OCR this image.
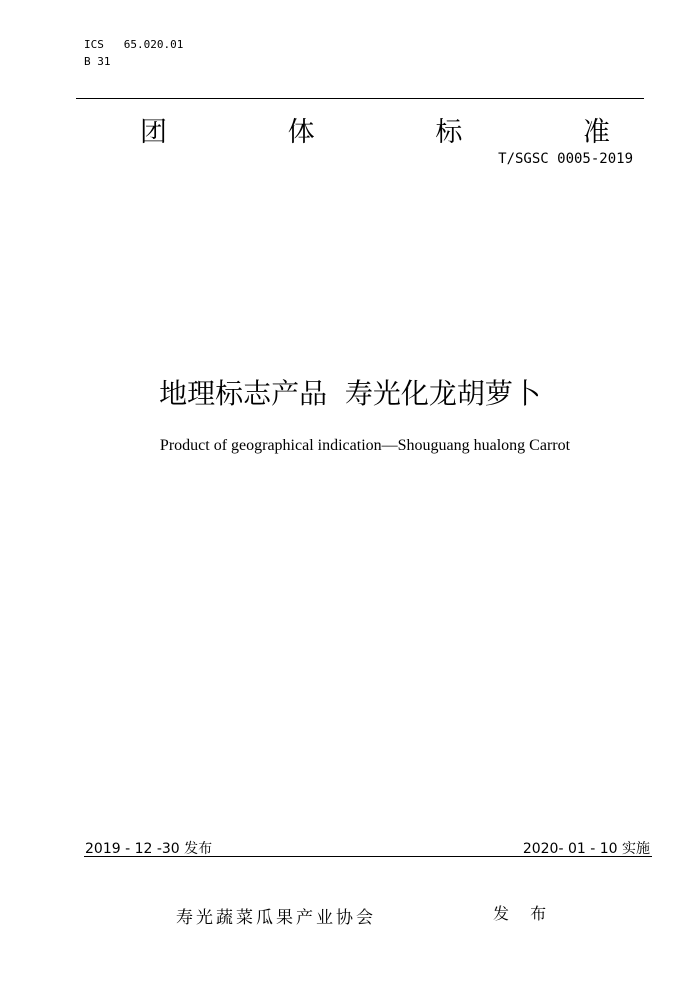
ICS   65.020.01
B 31
团	体	标	准
T/SGSC 0005-2019
地理标志产品  寿光化龙胡萝卜
Product of geographical indication—Shouguang hualong Carrot
2019 - 12 -30 发布	2020- 01 - 10 实施
寿光蔬菜瓜果产业协会	发 布
